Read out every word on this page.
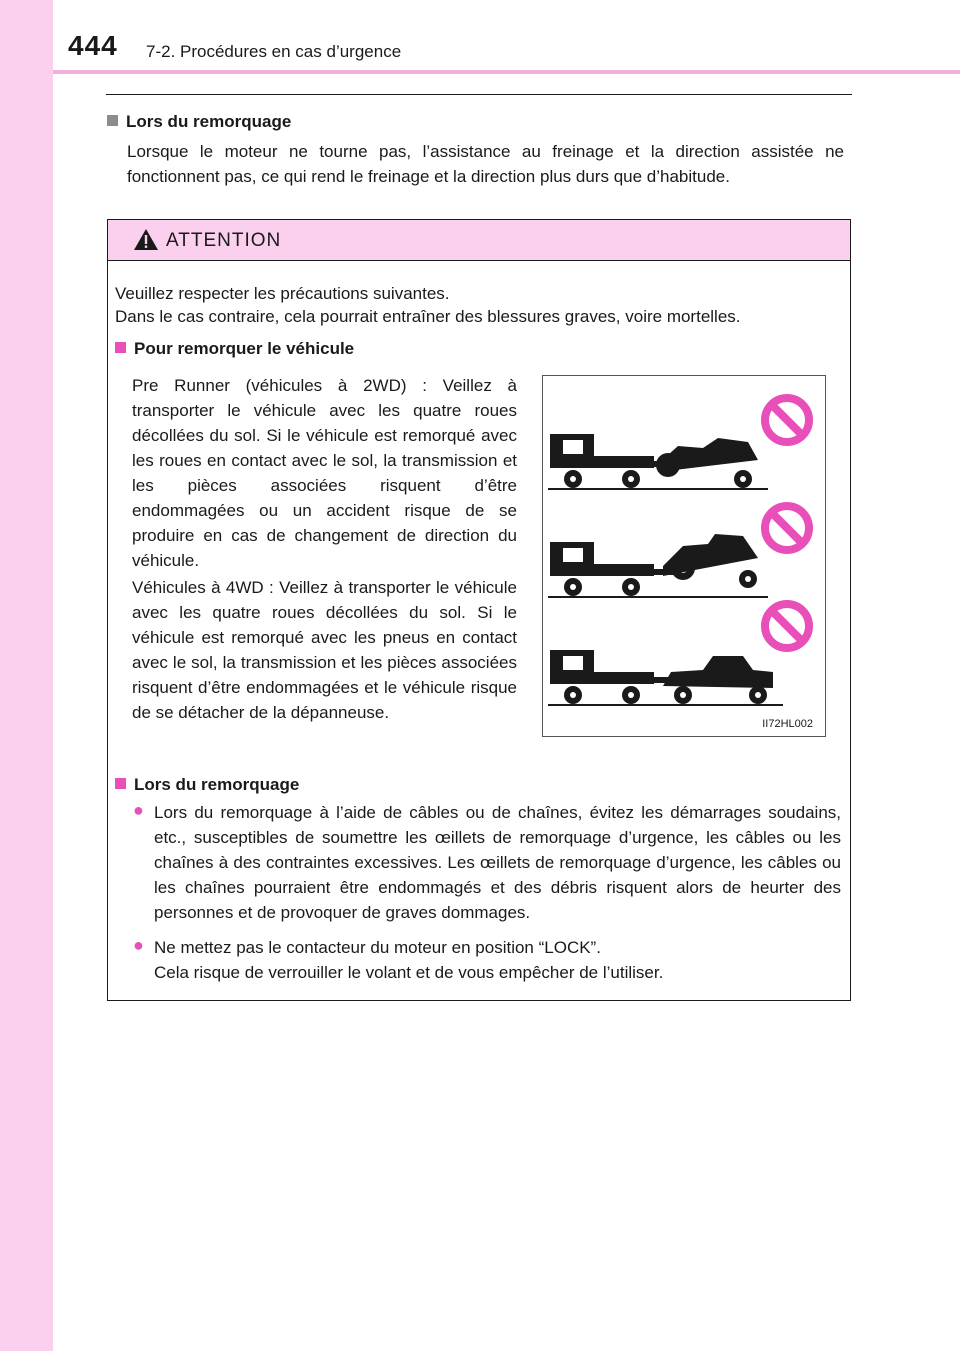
444 7-2. Procédures en cas d’urgence
Lors du remorquage
Lorsque le moteur ne tourne pas, l’assistance au freinage et la direction assistée ne fonctionnent pas, ce qui rend le freinage et la direction plus durs que d’habitude.
ATTENTION
Veuillez respecter les précautions suivantes.
Dans le cas contraire, cela pourrait entraîner des blessures graves, voire mortelles.
Pour remorquer le véhicule
Pre Runner (véhicules à 2WD) : Veillez à transporter le véhicule avec les quatre roues décollées du sol. Si le véhicule est remorqué avec les roues en contact avec le sol, la transmission et les pièces associées risquent d’être endommagées ou un accident risque de se produire en cas de changement de direction du véhicule.
Véhicules à 4WD : Veillez à transporter le véhicule avec les quatre roues décollées du sol. Si le véhicule est remorqué avec les pneus en contact avec le sol, la transmission et les pièces associées risquent d’être endommagées et le véhicule risque de se détacher de la dépanneuse.
II72HL002
Lors du remorquage
● Lors du remorquage à l’aide de câbles ou de chaînes, évitez les démarrages soudains, etc., susceptibles de soumettre les œillets de remorquage d’urgence, les câbles ou les chaînes à des contraintes excessives. Les œillets de remorquage d’urgence, les câbles ou les chaînes pourraient être endommagés et des débris risquent alors de heurter des personnes et de provoquer de graves dommages.
● Ne mettez pas le contacteur du moteur en position “LOCK”.
Cela risque de verrouiller le volant et de vous empêcher de l’utiliser.
